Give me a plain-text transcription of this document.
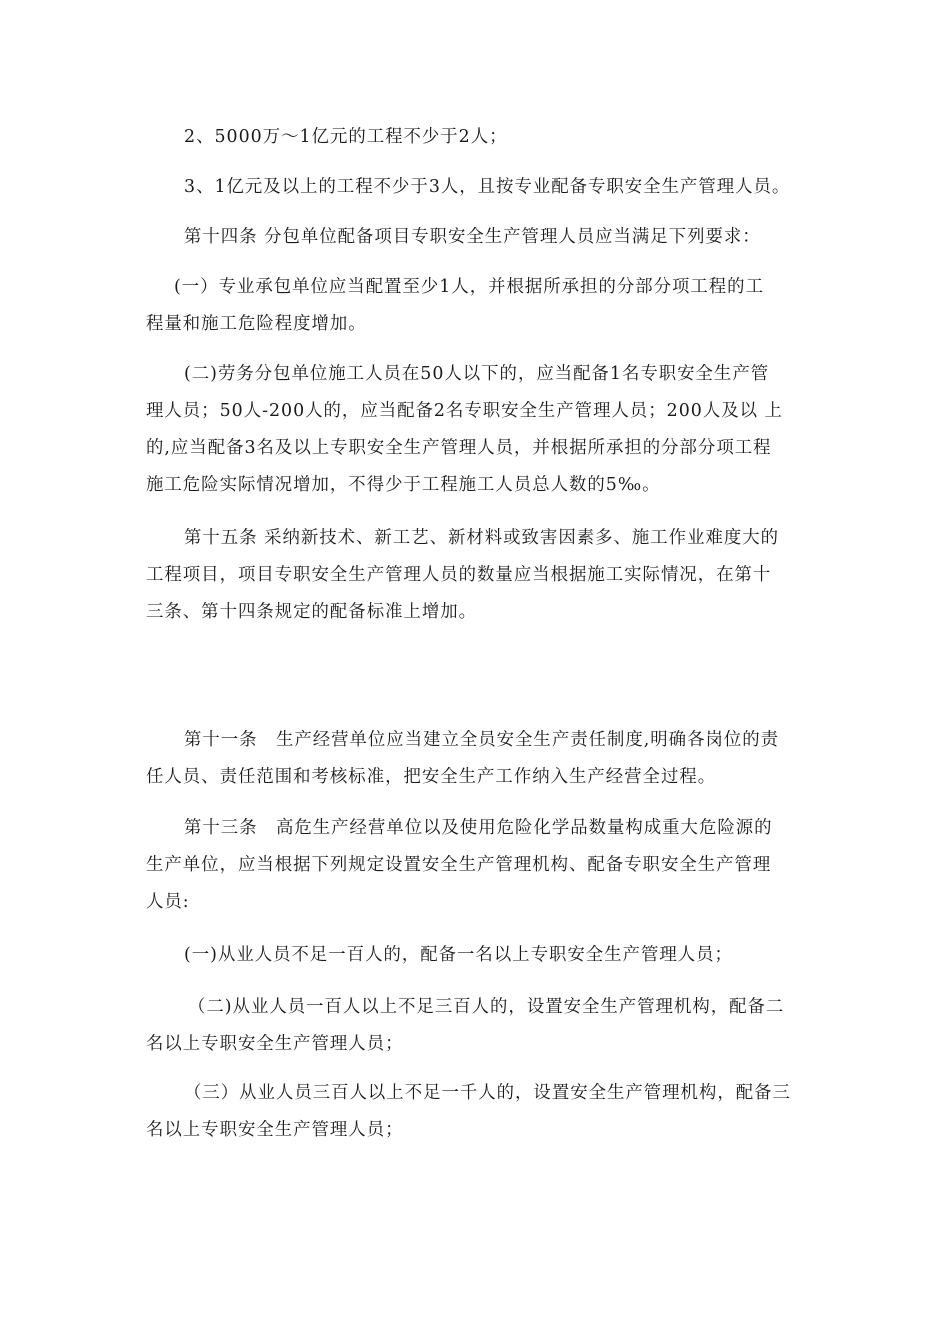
2、5000万～1亿元的工程不少于2人；

3、1亿元及以上的工程不少于3人，且按专业配备专职安全生产管理人员。

第十四条 分包单位配备项目专职安全生产管理人员应当满足下列要求：

(一）专业承包单位应当配置至少1人，并根据所承担的分部分项工程的工
程量和施工危险程度增加。

(二)劳务分包单位施工人员在50人以下的，应当配备1名专职安全生产管
理人员；50人-200人的，应当配备2名专职安全生产管理人员；200人及以 上
的,应当配备3名及以上专职安全生产管理人员，并根据所承担的分部分项工程
施工危险实际情况增加，不得少于工程施工人员总人数的5‰。

第十五条 采纳新技术、新工艺、新材料或致害因素多、施工作业难度大的
工程项目，项目专职安全生产管理人员的数量应当根据施工实际情况，在第十
三条、第十四条规定的配备标准上增加。

第十一条　生产经营单位应当建立全员安全生产责任制度,明确各岗位的责
任人员、责任范围和考核标准，把安全生产工作纳入生产经营全过程。

第十三条　高危生产经营单位以及使用危险化学品数量构成重大危险源的
生产单位，应当根据下列规定设置安全生产管理机构、配备专职安全生产管理
人员:

(一)从业人员不足一百人的，配备一名以上专职安全生产管理人员；

（二)从业人员一百人以上不足三百人的，设置安全生产管理机构，配备二
名以上专职安全生产管理人员；

（三）从业人员三百人以上不足一千人的，设置安全生产管理机构，配备三
名以上专职安全生产管理人员；
